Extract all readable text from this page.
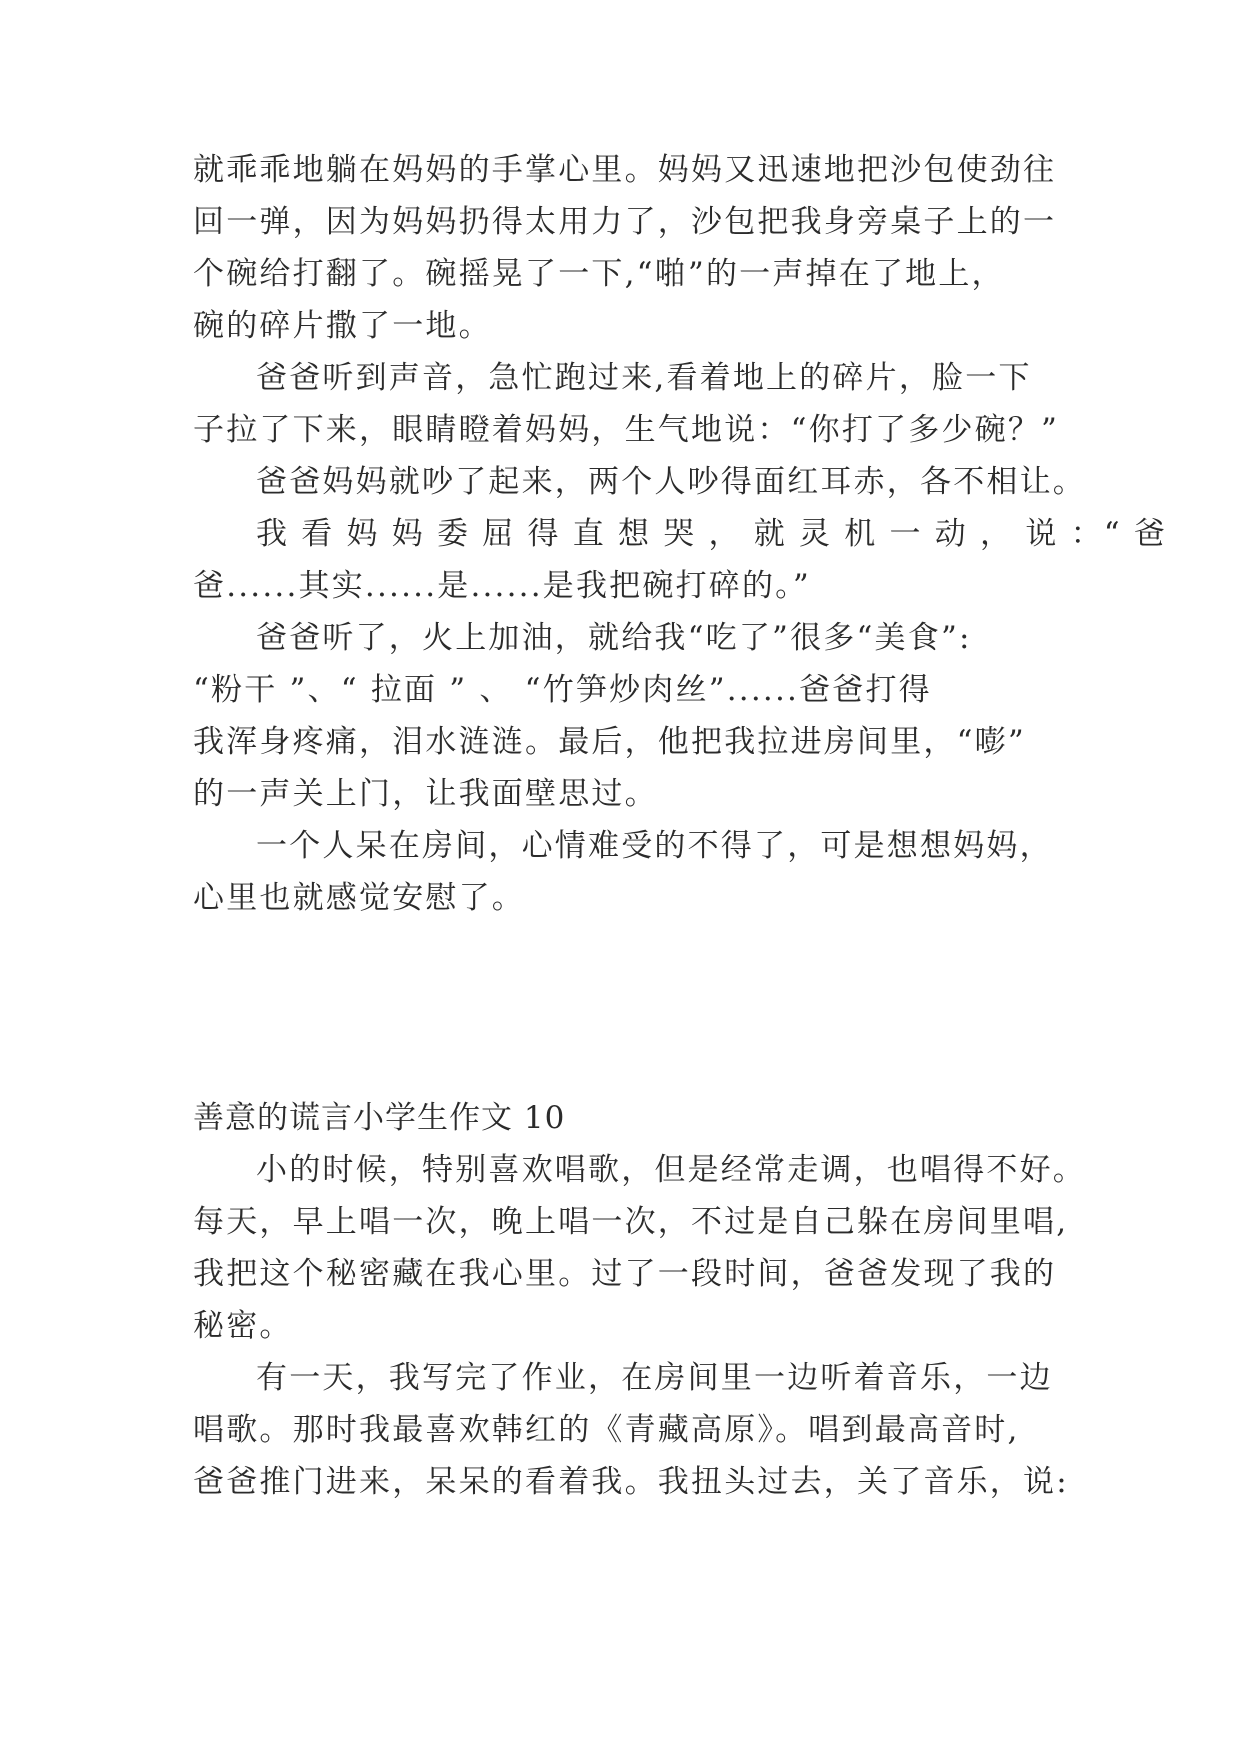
就乖乖地躺在妈妈的手掌心里。妈妈又迅速地把沙包使劲往
回一弹，因为妈妈扔得太用力了，沙包把我身旁桌子上的一
个碗给打翻了。碗摇晃了一下,“啪”的一声掉在了地上，
碗的碎片撒了一地。
爸爸听到声音，急忙跑过来,看着地上的碎片，脸一下
子拉了下来，眼睛瞪着妈妈，生气地说：“你打了多少碗？”
爸爸妈妈就吵了起来，两个人吵得面红耳赤，各不相让。
我 看 妈 妈 委 屈 得 直 想 哭 ， 就 灵 机 一 动 ， 说 ：“ 爸
爸......其实......是......是我把碗打碎的。”
爸爸听了，火上加油，就给我“吃了”很多“美食”:
“粉干 ”、“ 拉面 ” 、 “竹笋炒肉丝”......爸爸打得
我浑身疼痛，泪水涟涟。最后，他把我拉进房间里，“嘭”
的一声关上门，让我面壁思过。
一个人呆在房间，心情难受的不得了，可是想想妈妈，
心里也就感觉安慰了。
善意的谎言小学生作文 10
小的时候，特别喜欢唱歌，但是经常走调，也唱得不好。
每天，早上唱一次，晚上唱一次，不过是自己躲在房间里唱,
我把这个秘密藏在我心里。过了一段时间，爸爸发现了我的
秘密。
有一天，我写完了作业，在房间里一边听着音乐，一边
唱歌。那时我最喜欢韩红的《青藏高原》。唱到最高音时,
爸爸推门进来，呆呆的看着我。我扭头过去，关了音乐，说:
